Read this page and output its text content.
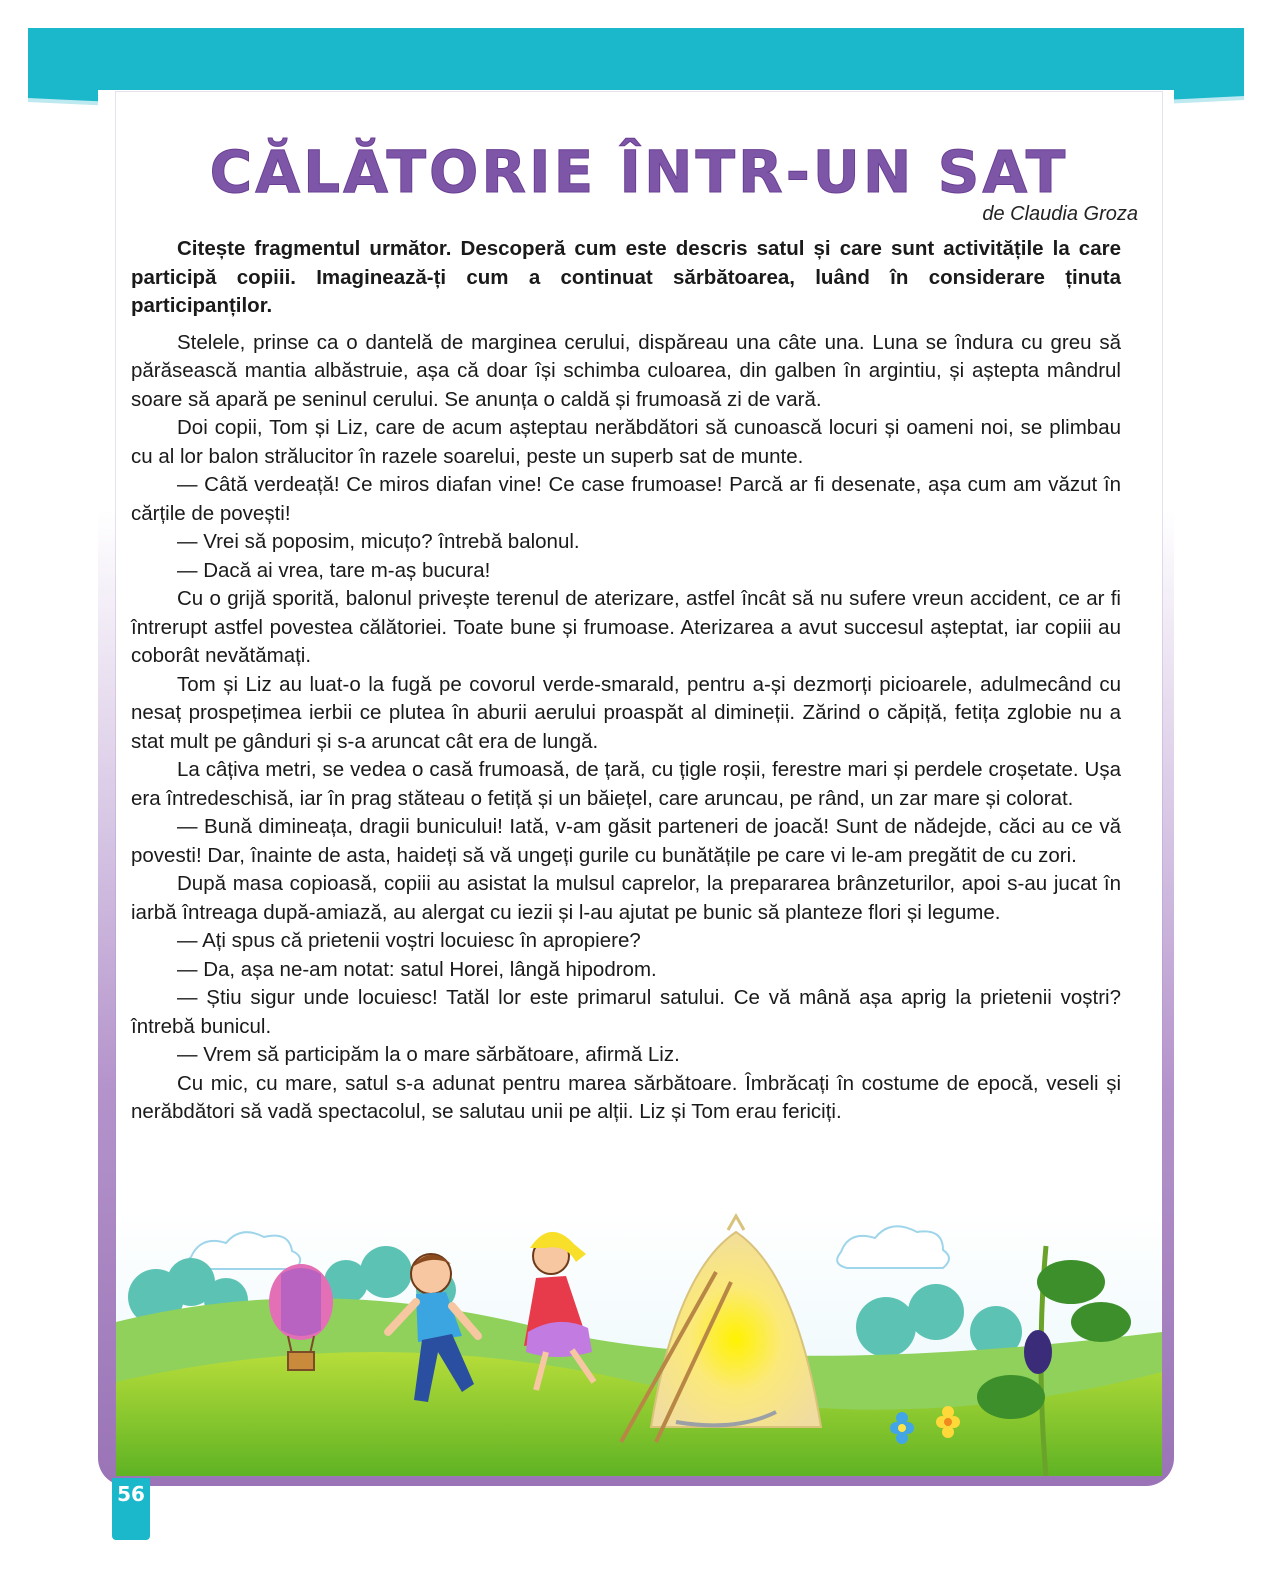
CĂLĂTORIE ÎNTR-UN SAT
de Claudia Groza

Citește fragmentul următor. Descoperă cum este descris satul și care sunt activitățile la care participă copiii. Imaginează-ți cum a continuat sărbătoarea, luând în considerare ținuta participanților.

Stelele, prinse ca o dantelă de marginea cerului, dispăreau una câte una. Luna se îndura cu greu să părăsească mantia albăstruie, așa că doar își schimba culoarea, din galben în argintiu, și aștepta mândrul soare să apară pe seninul cerului. Se anunța o caldă și frumoasă zi de vară.

Doi copii, Tom și Liz, care de acum așteptau nerăbdători să cunoască locuri și oameni noi, se plimbau cu al lor balon strălucitor în razele soarelui, peste un superb sat de munte.

— Câtă verdeață! Ce miros diafan vine! Ce case frumoase! Parcă ar fi desenate, așa cum am văzut în cărțile de povești!

— Vrei să poposim, micuțo? întrebă balonul.

— Dacă ai vrea, tare m-aș bucura!

Cu o grijă sporită, balonul privește terenul de aterizare, astfel încât să nu sufere vreun accident, ce ar fi întrerupt astfel povestea călătoriei. Toate bune și frumoase. Aterizarea a avut succesul așteptat, iar copiii au coborât nevătămați.

Tom și Liz au luat-o la fugă pe covorul verde-smarald, pentru a-și dezmorți picioarele, adulmecând cu nesaț prospețimea ierbii ce plutea în aburii aerului proaspăt al dimineții. Zărind o căpiță, fetița zglobie nu a stat mult pe gânduri și s-a aruncat cât era de lungă.

La câțiva metri, se vedea o casă frumoasă, de țară, cu țigle roșii, ferestre mari și perdele croșetate. Ușa era întredeschisă, iar în prag stăteau o fetiță și un băiețel, care aruncau, pe rând, un zar mare și colorat.

— Bună dimineața, dragii bunicului! Iată, v-am găsit parteneri de joacă! Sunt de nădejde, căci au ce vă povesti! Dar, înainte de asta, haideți să vă ungeți gurile cu bunătățile pe care vi le-am pregătit de cu zori.

După masa copioasă, copiii au asistat la mulsul caprelor, la prepararea brânzeturilor, apoi s-au jucat în iarbă întreaga după-amiază, au alergat cu iezii și l-au ajutat pe bunic să planteze flori și legume.

— Ați spus că prietenii voștri locuiesc în apropiere?

— Da, așa ne-am notat: satul Horei, lângă hipodrom.

— Știu sigur unde locuiesc! Tatăl lor este primarul satului. Ce vă mână așa aprig la prietenii voștri? întrebă bunicul.

— Vrem să participăm la o mare sărbătoare, afirmă Liz.

Cu mic, cu mare, satul s-a adunat pentru marea sărbătoare. Îmbrăcați în costume de epocă, veseli și nerăbdători să vadă spectacolul, se salutau unii pe alții. Liz și Tom erau fericiți.

56
